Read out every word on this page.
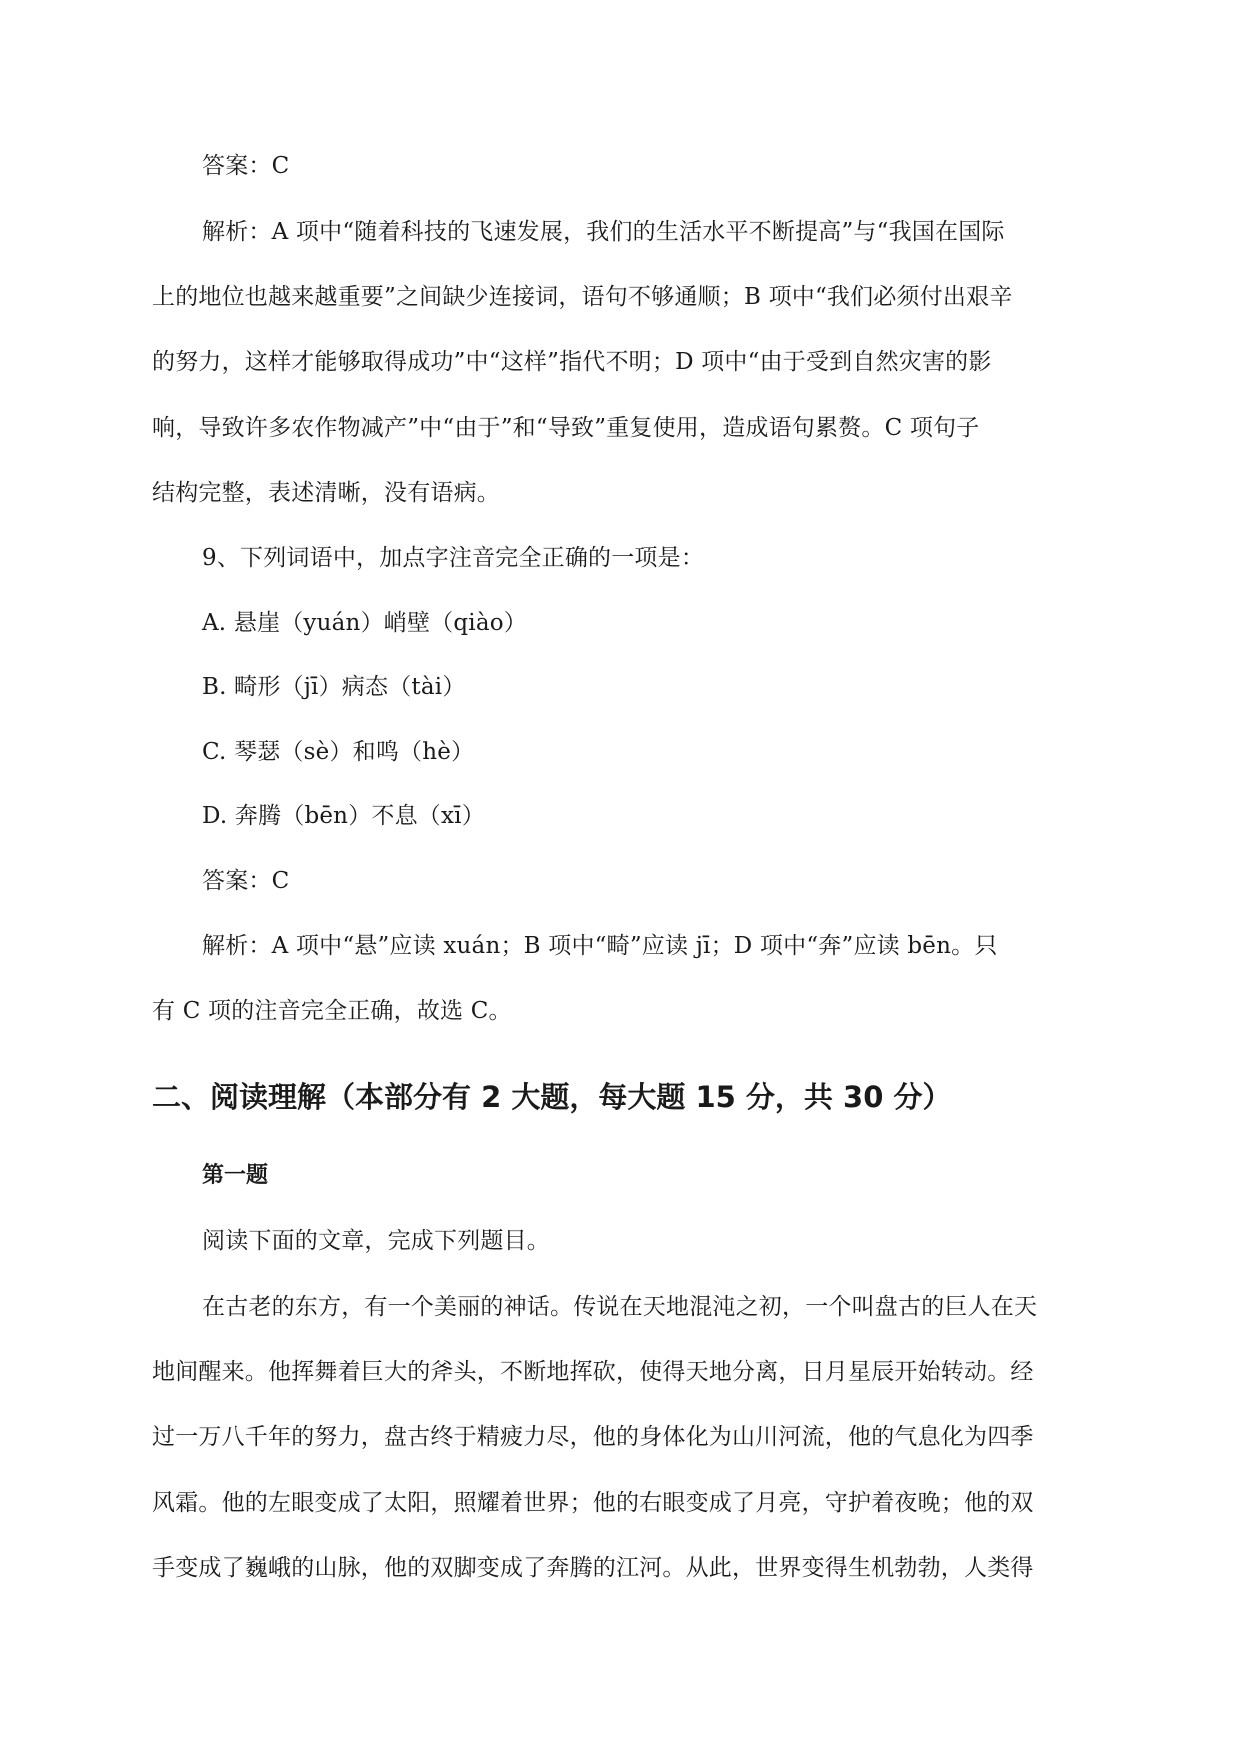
答案：C
解析：A 项中“随着科技的飞速发展，我们的生活水平不断提高”与“我国在国际
上的地位也越来越重要”之间缺少连接词，语句不够通顺；B 项中“我们必须付出艰辛
的努力，这样才能够取得成功”中“这样”指代不明；D 项中“由于受到自然灾害的影
响，导致许多农作物减产”中“由于”和“导致”重复使用，造成语句累赘。C 项句子
结构完整，表述清晰，没有语病。
9、下列词语中，加点字注音完全正确的一项是：
A. 悬崖（yuán）峭壁（qiào）
B. 畸形（jī）病态（tài）
C. 琴瑟（sè）和鸣（hè）
D. 奔腾（bēn）不息（xī）
答案：C
解析：A 项中“悬”应读 xuán；B 项中“畸”应读 jī；D 项中“奔”应读 bēn。只
有 C 项的注音完全正确，故选 C。
二、阅读理解（本部分有 2 大题，每大题 15 分，共 30 分）
第一题
阅读下面的文章，完成下列题目。
在古老的东方，有一个美丽的神话。传说在天地混沌之初，一个叫盘古的巨人在天
地间醒来。他挥舞着巨大的斧头，不断地挥砍，使得天地分离，日月星辰开始转动。经
过一万八千年的努力，盘古终于精疲力尽，他的身体化为山川河流，他的气息化为四季
风霜。他的左眼变成了太阳，照耀着世界；他的右眼变成了月亮，守护着夜晚；他的双
手变成了巍峨的山脉，他的双脚变成了奔腾的江河。从此，世界变得生机勃勃，人类得
